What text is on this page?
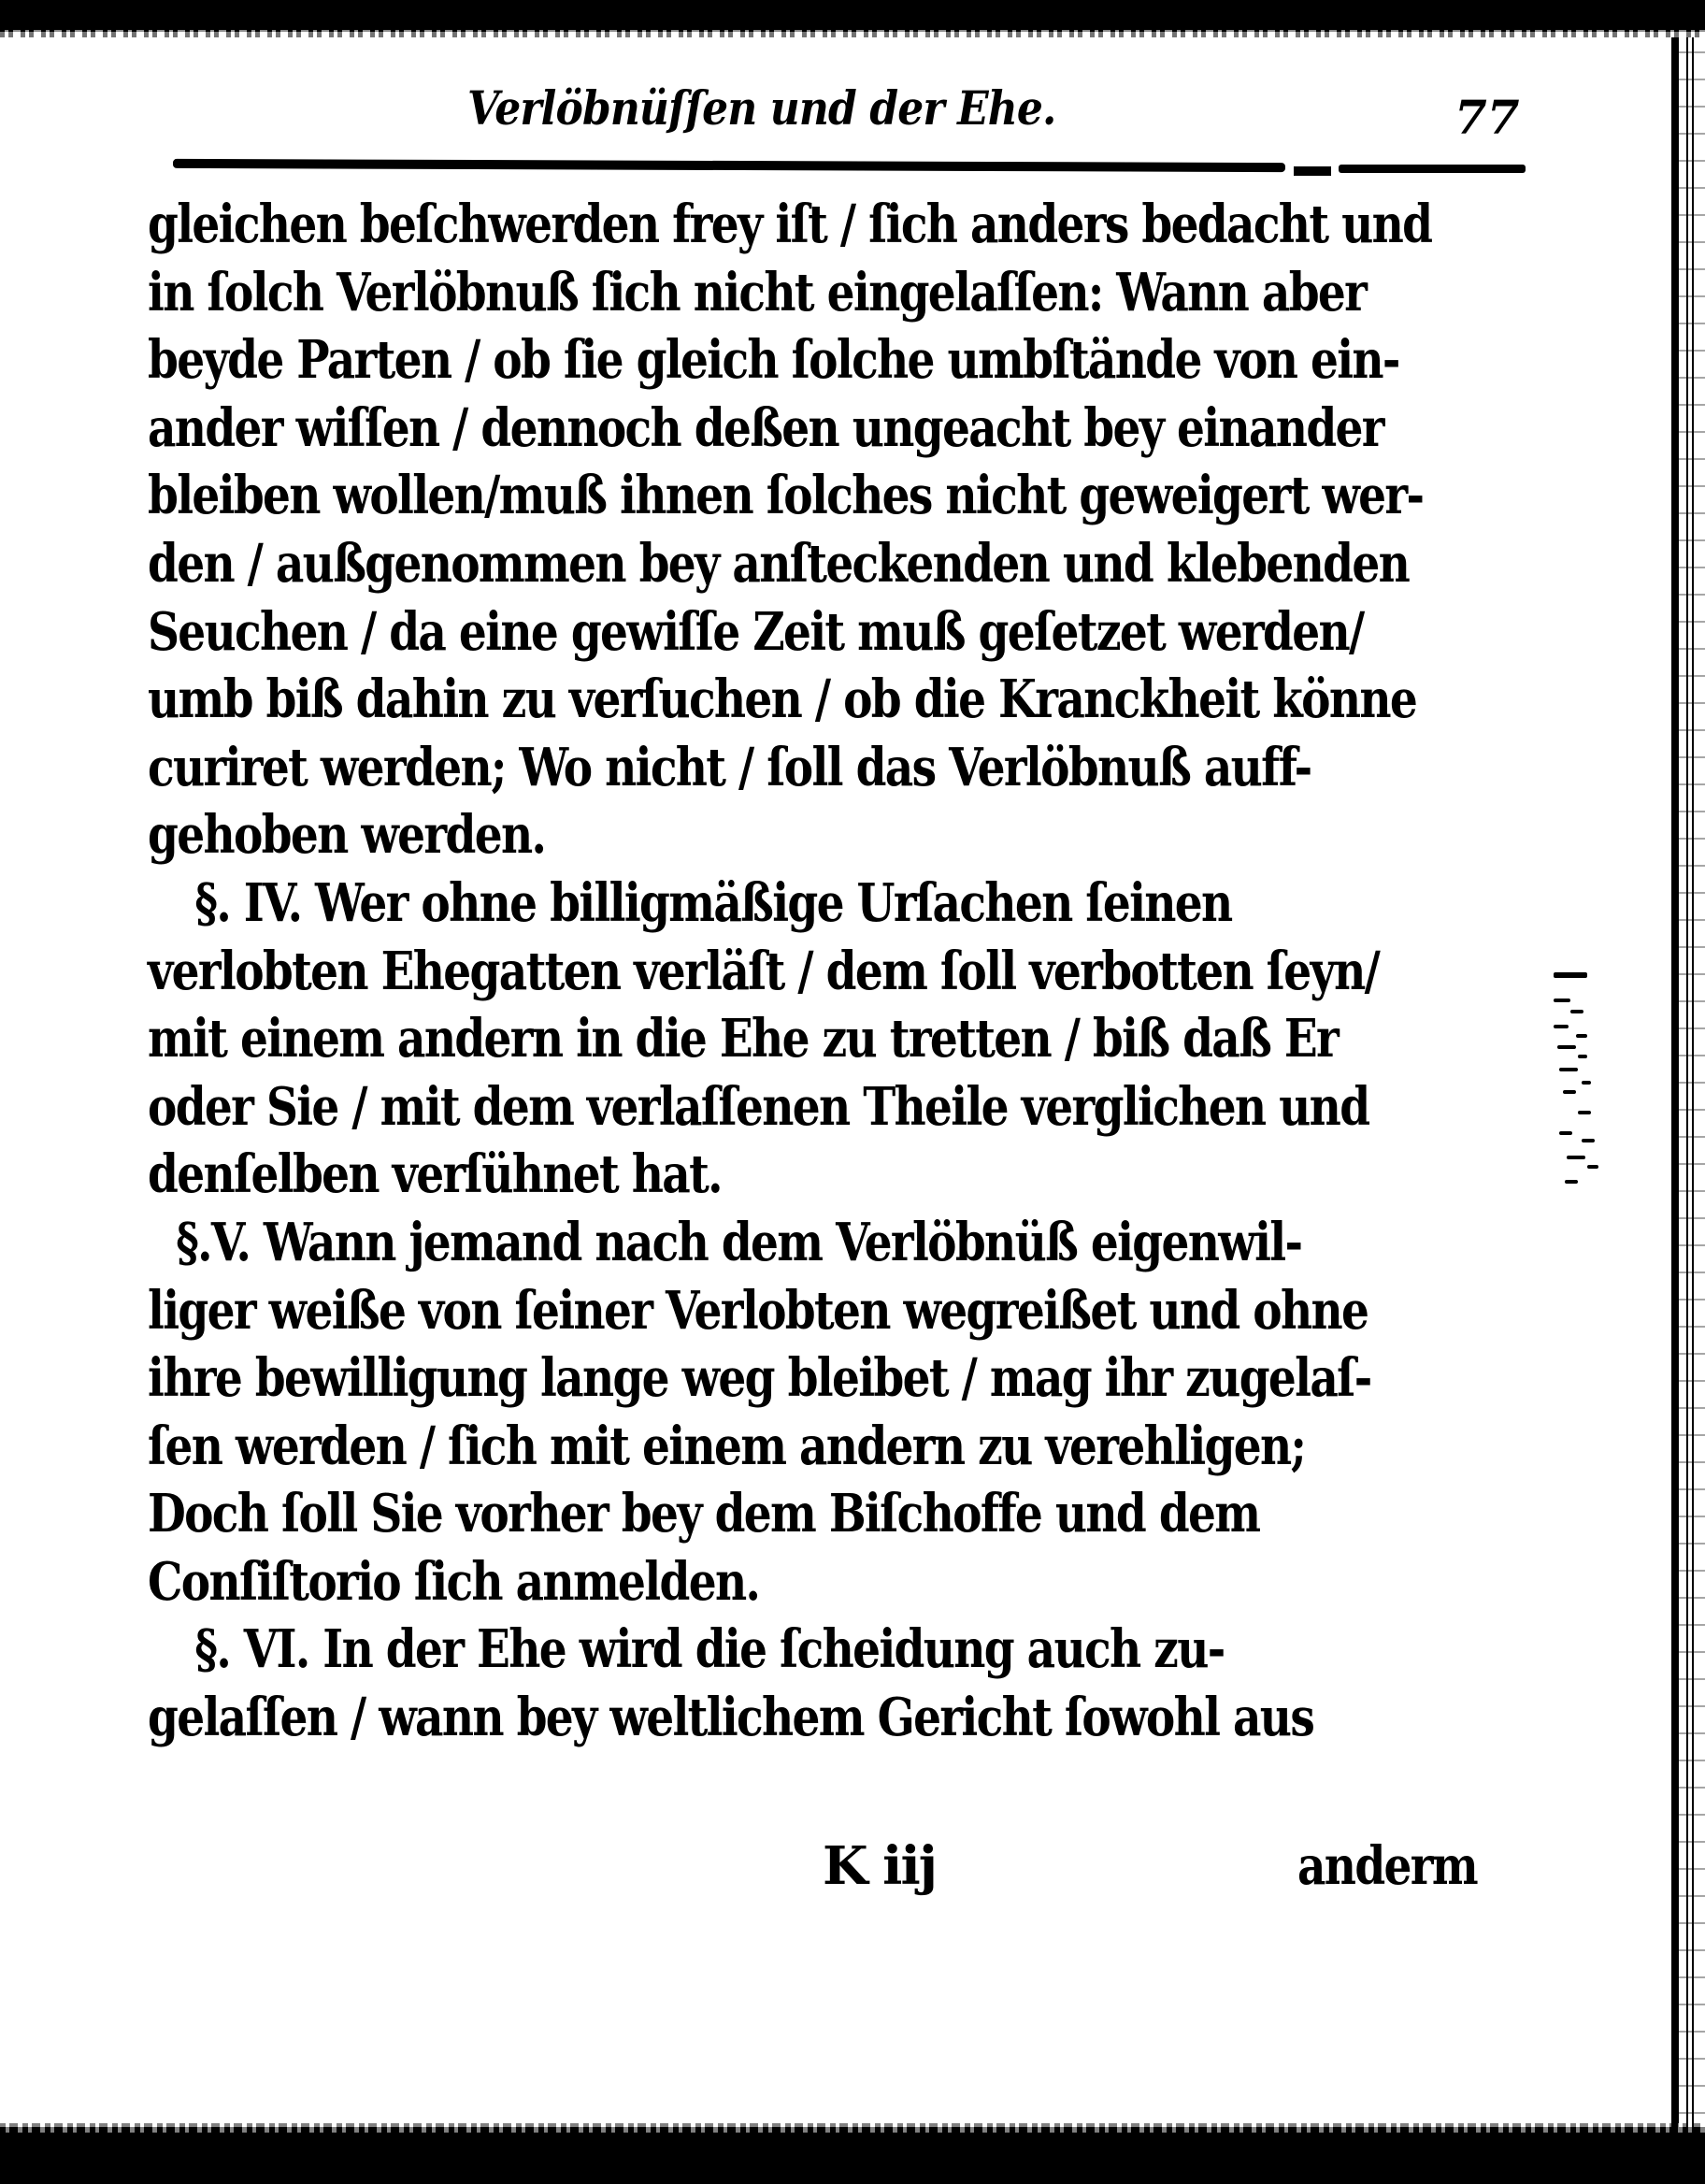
Verlöbnüſſen und der Ehe.	77
gleichen beſchwerden frey iſt / ſich anders bedacht und
in ſolch Verlöbnuß ſich nicht eingelaſſen: Wann aber
beyde Parten / ob ſie gleich ſolche umbſtände von ein-
ander wiſſen / dennoch deßen ungeacht bey einander
bleiben wollen/muß ihnen ſolches nicht geweigert wer-
den / außgenommen bey anſteckenden und klebenden
Seuchen / da eine gewiſſe Zeit muß geſetzet werden/
umb biß dahin zu verſuchen / ob die Kranckheit könne
curiret werden; Wo nicht / ſoll das Verlöbnuß auff-
gehoben werden.
§. IV. Wer ohne billigmäßige Urſachen ſeinen
verlobten Ehegatten verläſt / dem ſoll verbotten ſeyn/
mit einem andern in die Ehe zu tretten / biß daß Er
oder Sie / mit dem verlaſſenen Theile verglichen und
denſelben verſühnet hat.
§.V. Wann jemand nach dem Verlöbnüß eigenwil-
liger weiße von ſeiner Verlobten wegreißet und ohne
ihre bewilligung lange weg bleibet / mag ihr zugelaſ-
ſen werden / ſich mit einem andern zu verehligen;
Doch ſoll Sie vorher bey dem Biſchoffe und dem
Conſiſtorio ſich anmelden.
§. VI. In der Ehe wird die ſcheidung auch zu-
gelaſſen / wann bey weltlichem Gericht ſowohl aus
K iij	anderm
